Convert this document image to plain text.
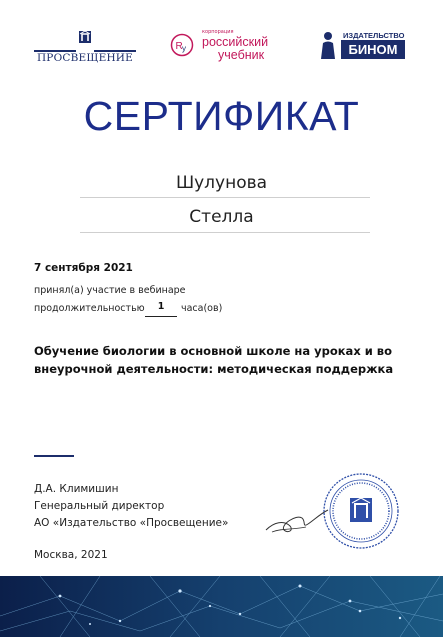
ПРОСВЕЩЕНИЕ
R y
корпорация
российский
учебник
ИЗДАТЕЛЬСТВО
БИНОМ
СЕРТИФИКАТ
Шулунова
Стелла
7 сентября 2021
принял(а) участие в вебинаре
продолжительностью	1	часа(ов)
Обучение биологии в основной школе на уроках и во внеурочной деятельности: методическая поддержка
Д.А. Климишин
Генеральный директор
АО «Издательство «Просвещение»
Москва, 2021
